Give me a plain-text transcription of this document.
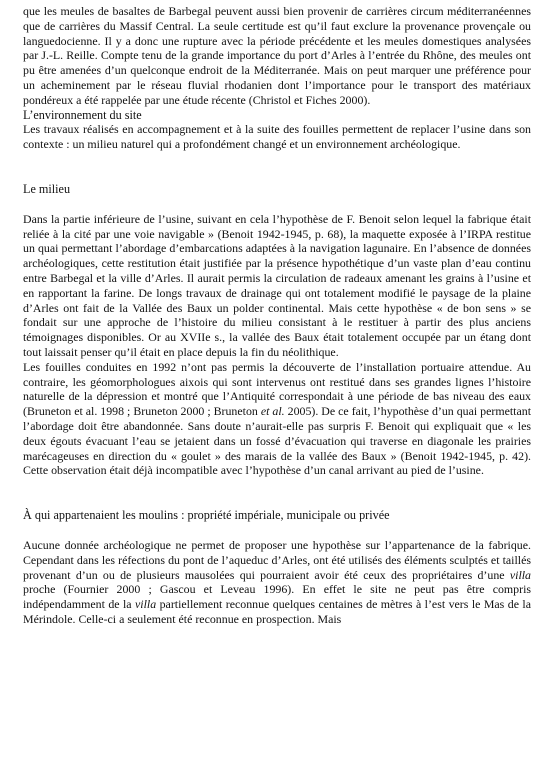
que les meules de basaltes de Barbegal peuvent aussi bien provenir de carrières circum méditerranéennes que de carrières du Massif Central. La seule certitude est qu’il faut exclure la provenance provençale ou languedocienne. Il y a donc une rupture avec la période précédente et les meules domestiques analysées par J.-L. Reille. Compte tenu de la grande importance du port d’Arles à l’entrée du Rhône, des meules ont pu être amenées d’un quelconque endroit de la Méditerranée. Mais on peut marquer une préférence pour un acheminement par le réseau fluvial rhodanien dont l’importance pour le transport des matériaux pondéreux a été rappelée par une étude récente (Christol et Fiches 2000).

L’environnement du site

Les travaux réalisés en accompagnement et à la suite des fouilles permettent de replacer l’usine dans son contexte : un milieu naturel qui a profondément changé et un environnement archéologique.

Le milieu

Dans la partie inférieure de l’usine, suivant en cela l’hypothèse de F. Benoit selon lequel la fabrique était reliée à la cité par une voie navigable » (Benoit 1942-1945, p. 68), la maquette exposée à l’IRPA restitue un quai permettant l’abordage d’embarcations adaptées à la navigation lagunaire. En l’absence de données archéologiques, cette restitution était justifiée par la présence hypothétique d’un vaste plan d’eau continu entre Barbegal et la ville d’Arles. Il aurait permis la circulation de radeaux amenant les grains à l’usine et en rapportant la farine. De longs travaux de drainage qui ont totalement modifié le paysage de la plaine d’Arles ont fait de la Vallée des Baux un polder continental. Mais cette hypothèse « de bon sens » se fondait sur une approche de l’histoire du milieu consistant à le restituer à partir des plus anciens témoignages disponibles. Or au XVIIe s., la vallée des Baux était totalement occupée par un étang dont tout laissait penser qu’il était en place depuis la fin du néolithique.

Les fouilles conduites en 1992 n’ont pas permis la découverte de l’installation portuaire attendue. Au contraire, les géomorphologues aixois qui sont intervenus ont restitué dans ses grandes lignes l’histoire naturelle de la dépression et montré que l’Antiquité correspondait à une période de bas niveau des eaux (Bruneton et al. 1998 ; Bruneton 2000 ; Bruneton et al. 2005). De ce fait, l’hypothèse d’un quai permettant l’abordage doit être abandonnée. Sans doute n’aurait-elle pas surpris F. Benoit qui expliquait que « les deux égouts évacuant l’eau se jetaient dans un fossé d’évacuation qui traverse en diagonale les prairies marécageuses en direction du « goulet » des marais de la vallée des Baux » (Benoit 1942-1945, p. 42). Cette observation était déjà incompatible avec l’hypothèse d’un canal arrivant au pied de l’usine.

À qui appartenaient les moulins : propriété impériale, municipale ou privée

Aucune donnée archéologique ne permet de proposer une hypothèse sur l’appartenance de la fabrique. Cependant dans les réfections du pont de l’aqueduc d’Arles, ont été utilisés des éléments sculptés et taillés provenant d’un ou de plusieurs mausolées qui pourraient avoir été ceux des propriétaires d’une villa proche (Fournier 2000 ; Gascou et Leveau 1996). En effet le site ne peut pas être compris indépendamment de la villa partiellement reconnue quelques centaines de mètres à l’est vers le Mas de la Mérindole. Celle-ci a seulement été reconnue en prospection. Mais
